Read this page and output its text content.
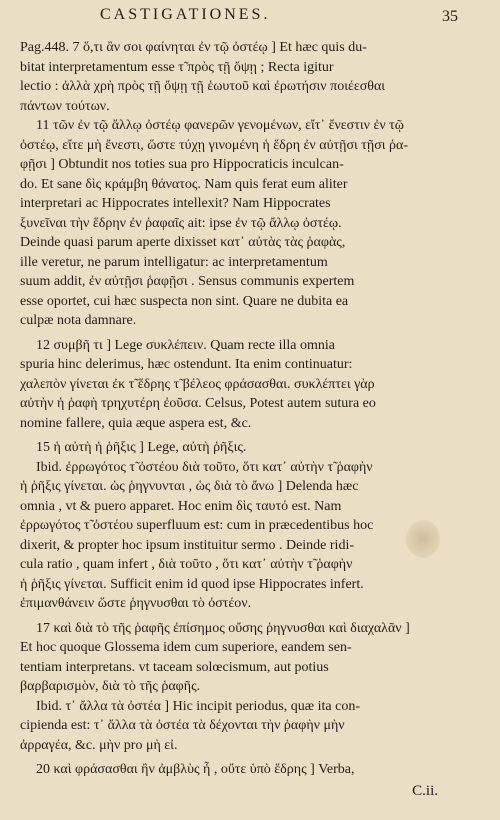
CASTIGATIONES.	35
Pag.448. 7 ὅ,τι ἂν σοι φαίνηται ἐν τῷ ὀστέῳ ] Et hæc quis du-
bitat interpretamentum esse τ̃ πρὸς τῇ ὄψῃ ; Recta igitur
lectio : ἀλλὰ χρὴ πρὸς τῇ ὄψῃ τῇ ἑωυτοῦ καὶ ἐρωτήσιν ποιέεσθαι
πάντων τούτων.
11 τῶν ἐν τῷ ἄλλῳ ὀστέῳ φανερῶν γενομένων, εἴτ᾽ ἔνεστιν ἐν τῷ
ὀστέῳ, εἴτε μὴ ἔνεστι, ὥστε τύχῃ γινομένη ἡ ἕδρη ἐν αὐτῇσι τῇσι ῥα-
φῇσι ] Obtundit nos toties sua pro Hippocraticis inculcan-
do. Et sane δὶς κράμβη θάνατος. Nam quis ferat eum aliter
interpretari ac Hippocrates intellexit? Nam Hippocrates
ξυνεῖναι τὴν ἕδρην ἐν ῥαφαῖς ait: ipse ἐν τῷ ἄλλῳ ὀστέῳ.
Deinde quasi parum aperte dixisset κατ᾽ αὐτὰς τὰς ῥαφὰς,
ille veretur, ne parum intelligatur: ac interpretamentum
suum addit, ἐν αὐτῇσι ῥαφῇσι . Sensus communis expertem
esse oportet, cui hæc suspecta non sint. Quare ne dubita ea
culpæ nota damnare.
12 συμβῆ τι ] Lege συκλέπειν. Quam recte illa omnia
spuria hinc delerimus, hæc ostendunt. Ita enim continuatur:
χαλεπὸν γίνεται ἐκ τ̃ ἕδρης τ̃ βέλεος φράσασθαι. συκλέπτει γὰρ
αὐτὴν ἡ ῥαφὴ τρηχυτέρη ἐοῦσα. Celsus, Potest autem sutura eo
nomine fallere, quia æque aspera est, &c.
15 ἡ αὐτὴ ἡ ῥῆξις ] Lege, αὐτὴ ῥῆξις.
Ibid. ἐρρωγότος τ̃ ὀστέου διὰ τοῦτο, ὅτι κατ᾽ αὐτὴν τ̃ ῥαφὴν
ἡ ῥῆξις γίνεται. ὡς ῥηγνυνται , ὡς διὰ τὸ ἄνω ] Delenda hæc
omnia , vt & puero apparet. Hoc enim δὶς ταυτό est. Nam
ἐρρωγότος τ̃ ὀστέου superfluum est: cum in præcedentibus hoc
dixerit, & propter hoc ipsum instituitur sermo . Deinde ridi-
cula ratio , quam infert , διὰ τοῦτο , ὅτι κατ᾽ αὐτὴν τ̃ ῥαφὴν
ἡ ῥῆξις γίνεται. Sufficit enim id quod ipse Hippocrates infert.
ἐπιμανθάνειν ὥστε ῥηγνυσθαι τὸ ὀστέον.
17 καὶ διὰ τὸ τῆς ῥαφῆς ἐπίσημος οὔσης ῥηγνυσθαι καὶ διαχαλᾶν ]
Et hoc quoque Glossema idem cum superiore, eandem sen-
tentiam interpretans. vt taceam solœcismum, aut potius
βαρβαρισμὸν, διὰ τὸ τῆς ῥαφῆς.
Ibid. τ᾽ ἄλλα τὰ ὀστέα ] Hic incipit periodus, quæ ita con-
cipienda est: τ᾽ ἄλλα τὰ ὀστέα τὰ δέχονται τὴν ῥαφὴν μὴν
ἀρραγέα, &c. μὴν pro μὴ εἰ.
20 καὶ φράσασθαι ἢν ἀμβλὺς ἦ , οὔτε ὑπὸ ἕδρης ] Verba,
C.ii.
